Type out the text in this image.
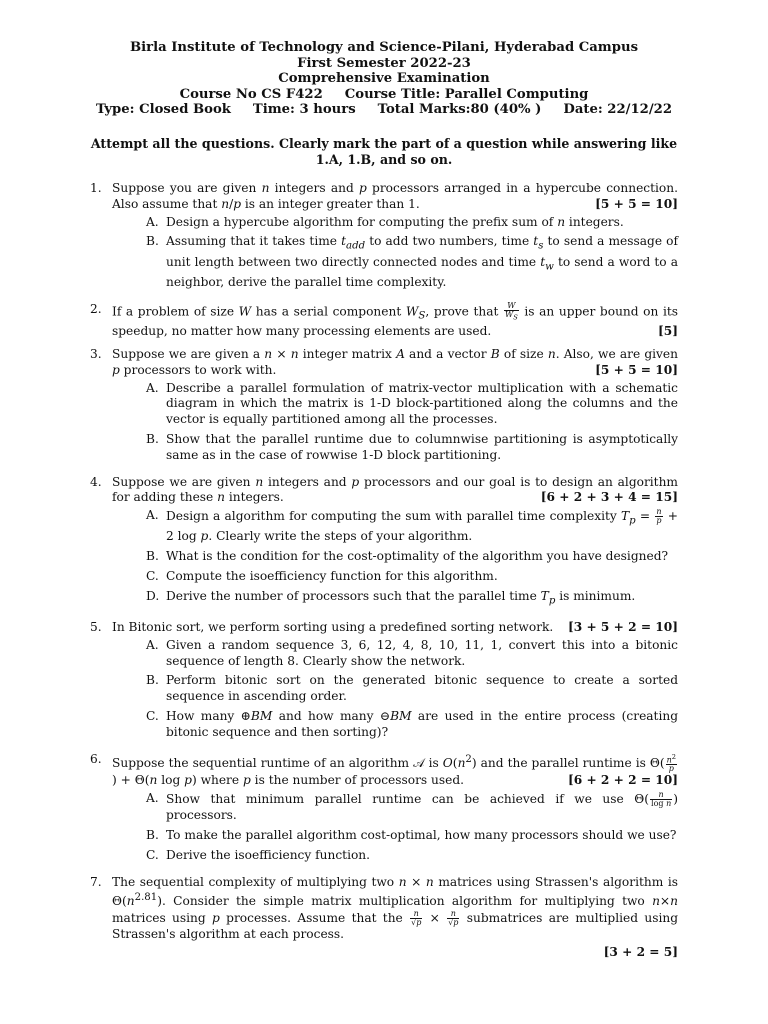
Birla Institute of Technology and Science-Pilani, Hyderabad Campus
First Semester 2022-23
Comprehensive Examination
Course No CS F422 Course Title: Parallel Computing
Type: Closed Book Time: 3 hours Total Marks:80 (40% ) Date: 22/12/22
Attempt all the questions. Clearly mark the part of a question while answering like 1.A, 1.B, and so on.
1. Suppose you are given n integers and p processors arranged in a hypercube connection. Also assume that n/p is an integer greater than 1.	[5 + 5 = 10]
A. Design a hypercube algorithm for computing the prefix sum of n integers.
B. Assuming that it takes time $t_{add}$ to add two numbers, time $t_s$ to send a message of unit length between two directly connected nodes and time $t_w$ to send a word to a neighbor, derive the parallel time complexity.
2. If a problem of size W has a serial component $W_S$, prove that $\frac{W}{W_S}$ is an upper bound on its speedup, no matter how many processing elements are used.	[5]
3. Suppose we are given a n × n integer matrix A and a vector B of size n. Also, we are given p processors to work with.	[5 + 5 = 10]
A. Describe a parallel formulation of matrix-vector multiplication with a schematic diagram in which the matrix is 1-D block-partitioned along the columns and the vector is equally partitioned among all the processes.
B. Show that the parallel runtime due to columnwise partitioning is asymptotically same as in the case of rowwise 1-D block partitioning.
4. Suppose we are given n integers and p processors and our goal is to design an algorithm for adding these n integers.	[6 + 2 + 3 + 4 = 15]
A. Design a algorithm for computing the sum with parallel time complexity $T_p = \frac{n}{p} + 2$ log p. Clearly write the steps of your algorithm.
B. What is the condition for the cost-optimality of the algorithm you have designed?
C. Compute the isoefficiency function for this algorithm.
D. Derive the number of processors such that the parallel time $T_p$ is minimum.
5. In Bitonic sort, we perform sorting using a predefined sorting network.	[3 + 5 + 2 = 10]
A. Given a random sequence 3, 6, 12, 4, 8, 10, 11, 1, convert this into a bitonic sequence of length 8. Clearly show the network.
B. Perform bitonic sort on the generated bitonic sequence to create a sorted sequence in ascending order.
C. How many ⊕BM and how many ⊖BM are used in the entire process (creating bitonic sequence and then sorting)?
6. Suppose the sequential runtime of an algorithm 𝒜 is $O(n^2)$ and the parallel runtime is $\Theta( \frac{n^2}{p}$
) + Θ(n log p) where p is the number of processors used.	[6 + 2 + 2 = 10]
A. Show that minimum parallel runtime can be achieved if we use $\Theta( \frac{n}{\text{log n}}$ ) processors.
B. To make the parallel algorithm cost-optimal, how many processors should we use?
C. Derive the isoefficiency function.
7. The sequential complexity of multiplying two n × n matrices using Strassen's algorithm is $\Theta(n^{2.81})$. Consider the simple matrix multiplication algorithm for multiplying two n×n matrices using p processes. Assume that the $\frac{n}{√p} \times \frac{n}{√p}$ submatrices are multiplied using Strassen's algorithm at each process.
[3 + 2 = 5]
